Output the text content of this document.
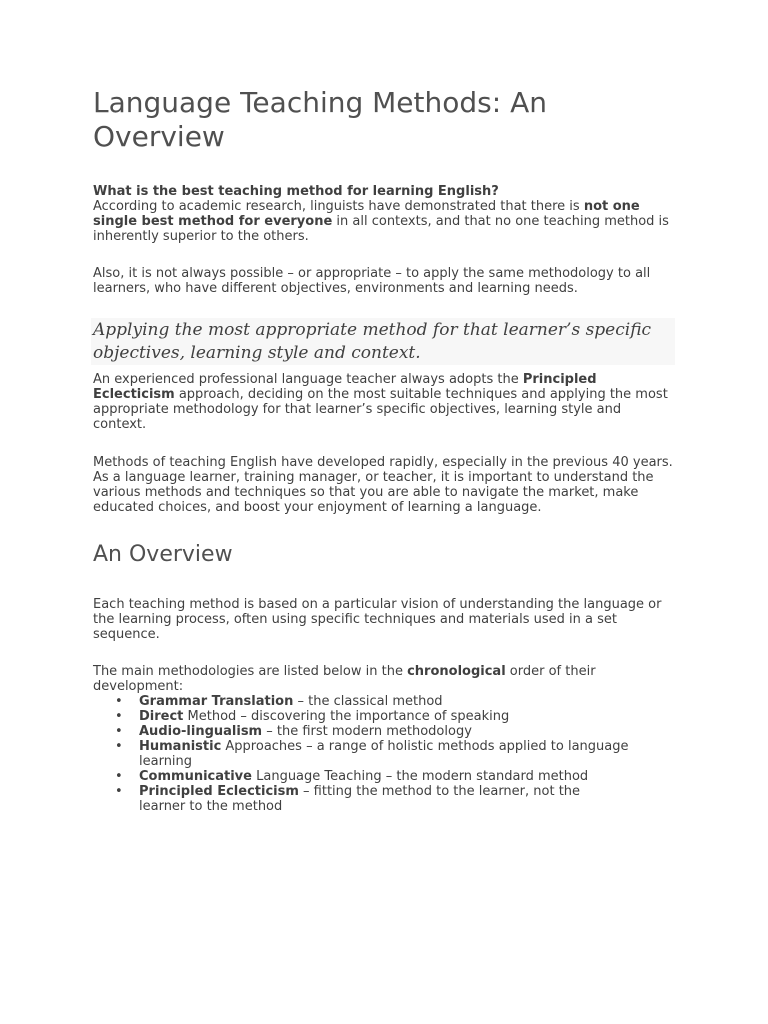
Language Teaching Methods: An Overview
What is the best teaching method for learning English?
According to academic research, linguists have demonstrated that there is not one single best method for everyone in all contexts, and that no one teaching method is inherently superior to the others.
Also, it is not always possible – or appropriate – to apply the same methodology to all learners, who have different objectives, environments and learning needs.
Applying the most appropriate method for that learner’s specific objectives, learning style and context.
An experienced professional language teacher always adopts the Principled Eclecticism approach, deciding on the most suitable techniques and applying the most appropriate methodology for that learner’s specific objectives, learning style and context.
Methods of teaching English have developed rapidly, especially in the previous 40 years. As a language learner, training manager, or teacher, it is important to understand the various methods and techniques so that you are able to navigate the market, make educated choices, and boost your enjoyment of learning a language.
An Overview
Each teaching method is based on a particular vision of understanding the language or the learning process, often using specific techniques and materials used in a set sequence.
The main methodologies are listed below in the chronological order of their development:
• Grammar Translation – the classical method
• Direct Method – discovering the importance of speaking
• Audio-lingualism – the first modern methodology
• Humanistic Approaches – a range of holistic methods applied to language learning
• Communicative Language Teaching – the modern standard method
• Principled Eclecticism – fitting the method to the learner, not the learner to the method
